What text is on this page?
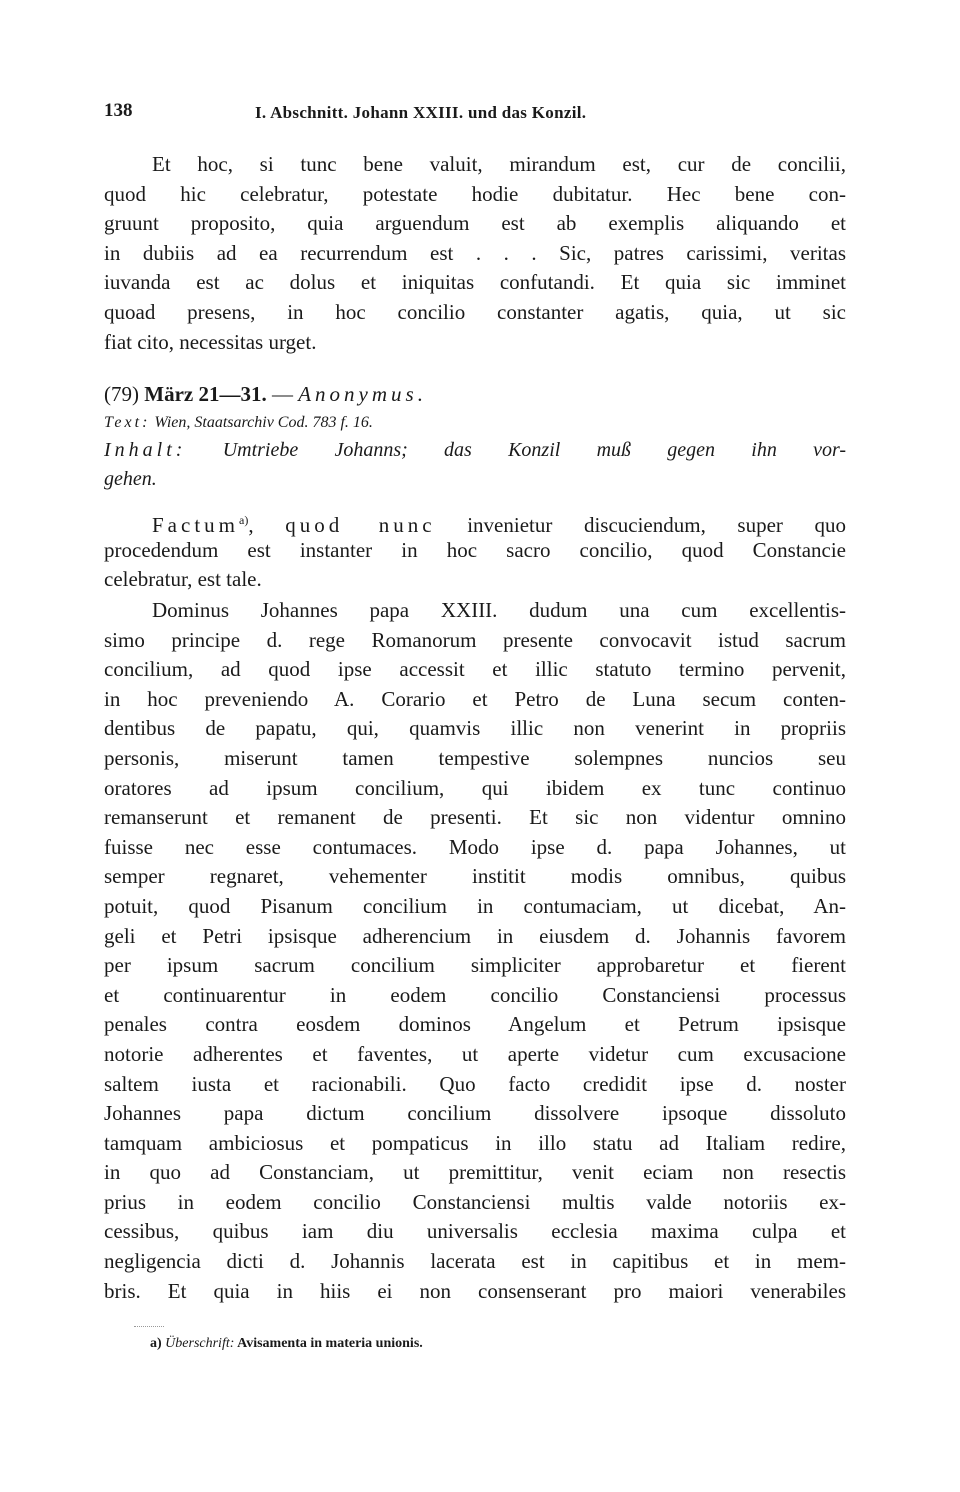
138	I. Abschnitt. Johann XXIII. und das Konzil.
Et hoc, si tunc bene valuit, mirandum est, cur de concilii,
quod hic celebratur, potestate hodie dubitatur. Hec bene con-
gruunt proposito, quia arguendum est ab exemplis aliquando et
in dubiis ad ea recurrendum est . . . Sic, patres carissimi, veritas
iuvanda est ac dolus et iniquitas confutandi. Et quia sic imminet
quoad presens, in hoc concilio constanter agatis, quia, ut sic
fiat cito, necessitas urget.
(79) März 21—31. — Anonymus.
Text: Wien, Staatsarchiv Cod. 783 f. 16.
Inhalt: Umtriebe Johanns; das Konzil muß gegen ihn vor-
gehen.
Factum$^{a)}$, quod nunc invenietur discuciendum, super quo
procedendum est instanter in hoc sacro concilio, quod Constancie
celebratur, est tale.
Dominus Johannes papa XXIII. dudum una cum excellentis-
simo principe d. rege Romanorum presente convocavit istud sacrum
concilium, ad quod ipse accessit et illic statuto termino pervenit,
in hoc preveniendo A. Corario et Petro de Luna secum conten-
dentibus de papatu, qui, quamvis illic non venerint in propriis
personis, miserunt tamen tempestive solempnes nuncios seu
oratores ad ipsum concilium, qui ibidem ex tunc continuo
remanserunt et remanent de presenti. Et sic non videntur omnino
fuisse nec esse contumaces. Modo ipse d. papa Johannes, ut
semper regnaret, vehementer institit modis omnibus, quibus
potuit, quod Pisanum concilium in contumaciam, ut dicebat, An-
geli et Petri ipsisque adherencium in eiusdem d. Johannis favorem
per ipsum sacrum concilium simpliciter approbaretur et fierent
et continuarentur in eodem concilio Constanciensi processus
penales contra eosdem dominos Angelum et Petrum ipsisque
notorie adherentes et faventes, ut aperte videtur cum excusacione
saltem iusta et racionabili. Quo facto credidit ipse d. noster
Johannes papa dictum concilium dissolvere ipsoque dissoluto
tamquam ambiciosus et pompaticus in illo statu ad Italiam redire,
in quo ad Constanciam, ut premittitur, venit eciam non resectis
prius in eodem concilio Constanciensi multis valde notoriis ex-
cessibus, quibus iam diu universalis ecclesia maxima culpa et
negligencia dicti d. Johannis lacerata est in capitibus et in mem-
bris. Et quia in hiis ei non consenserant pro maiori venerabiles
a) Überschrift: Avisamenta in materia unionis.
